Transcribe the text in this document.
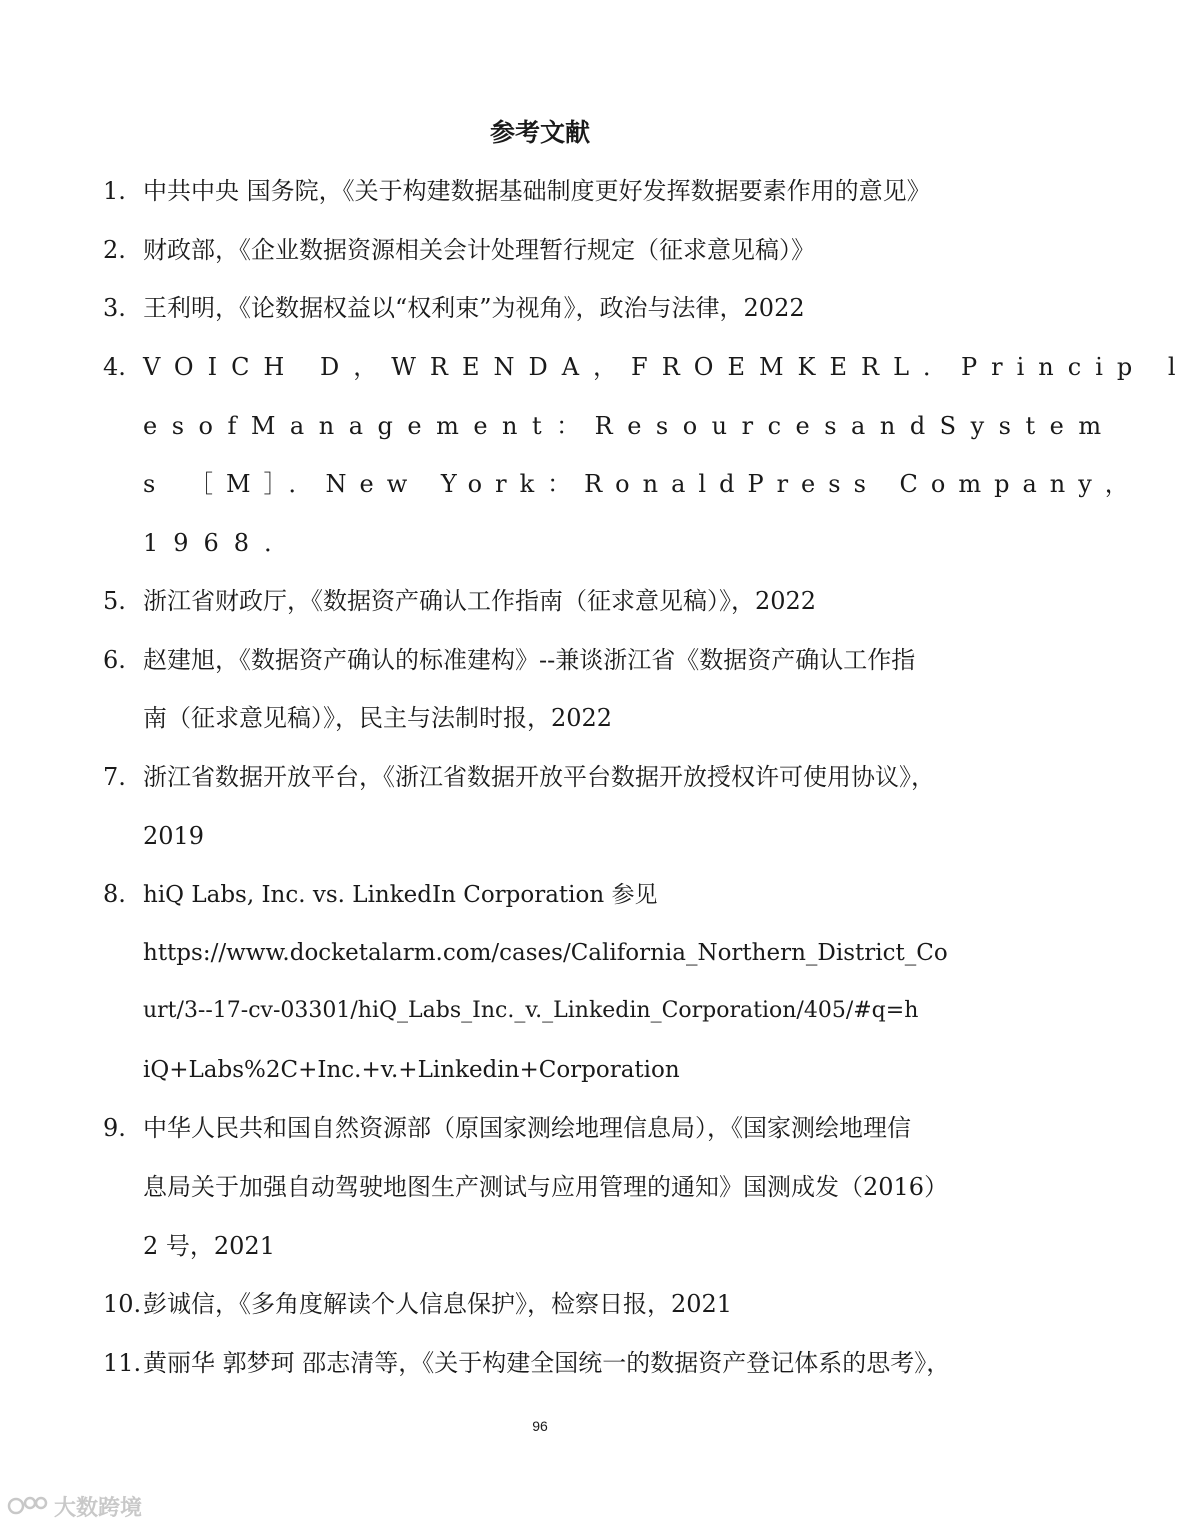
参考文献
1. 中共中央 国务院，《关于构建数据基础制度更好发挥数据要素作用的意见》
2. 财政部，《企业数据资源相关会计处理暂行规定（征求意见稿）》
3. 王利明，《论数据权益以“权利束”为视角》，政治与法律，2022
4. VOICH D，WRENDA，FROEMKERL．Princip l
esofManagement：ResourcesandSystem
s ［M］．New York：RonaldPress Company，
1968．
5. 浙江省财政厅，《数据资产确认工作指南（征求意见稿）》，2022
6. 赵建旭，《数据资产确认的标准建构》--兼谈浙江省《数据资产确认工作指
南（征求意见稿）》，民主与法制时报，2022
7. 浙江省数据开放平台，《浙江省数据开放平台数据开放授权许可使用协议》，
2019
8. hiQ Labs, Inc. vs. LinkedIn Corporation 参见
https://www.docketalarm.com/cases/California_Northern_District_Co
urt/3--17-cv-03301/hiQ_Labs_Inc._v._Linkedin_Corporation/405/#q=h
iQ+Labs%2C+Inc.+v.+Linkedin+Corporation
9. 中华人民共和国自然资源部（原国家测绘地理信息局），《国家测绘地理信
息局关于加强自动驾驶地图生产测试与应用管理的通知》国测成发（2016）
2 号，2021
10.彭诚信，《多角度解读个人信息保护》，检察日报，2021
11.黄丽华 郭梦珂 邵志清等，《关于构建全国统一的数据资产登记体系的思考》，
96
大数跨境
